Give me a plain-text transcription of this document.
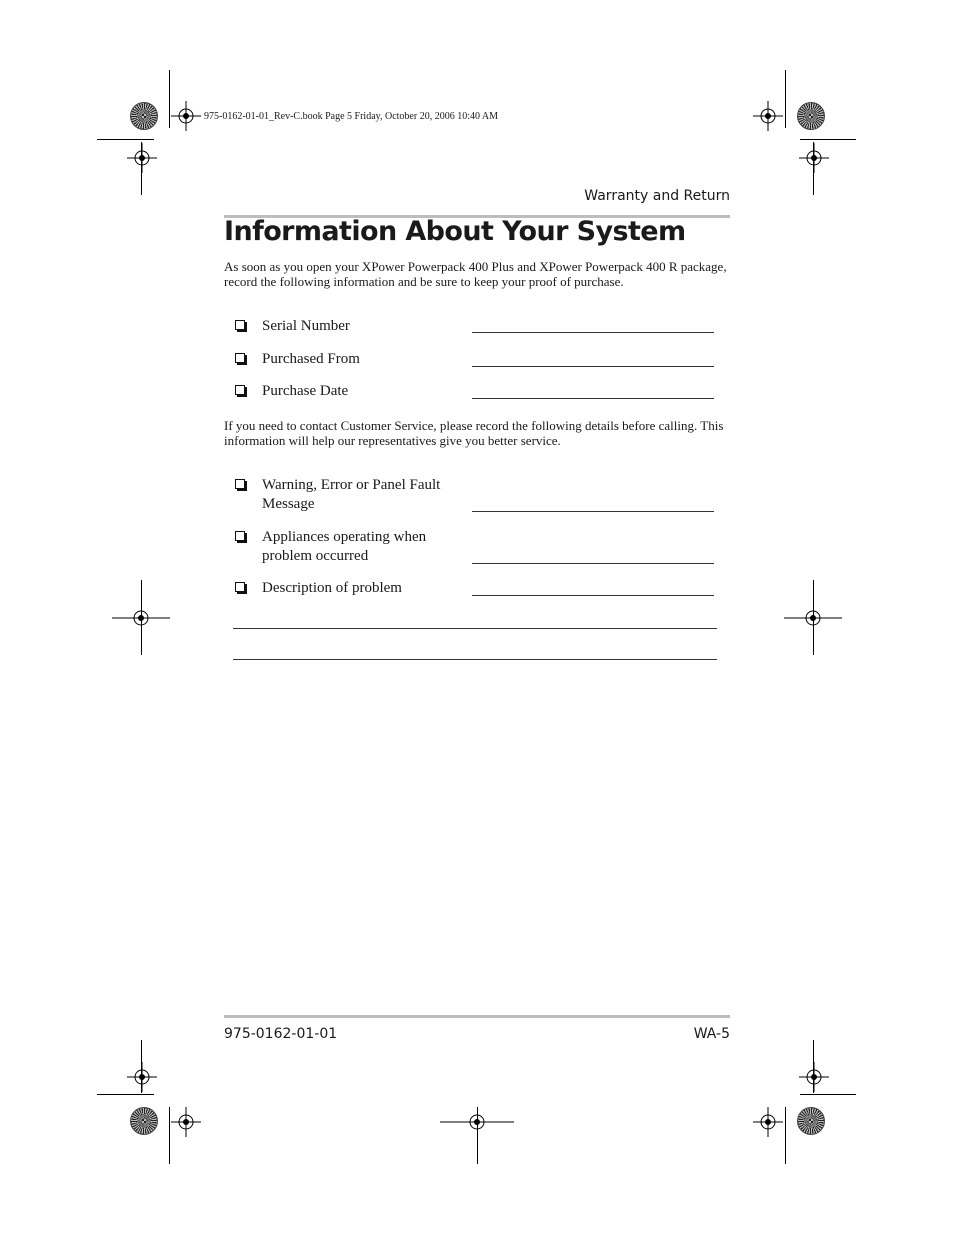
975-0162-01-01_Rev-C.book Page 5 Friday, October 20, 2006 10:40 AM
Warranty and Return
Information About Your System

As soon as you open your XPower Powerpack 400 Plus and XPower Powerpack 400 R package, record the following information and be sure to keep your proof of purchase.

Serial Number
Purchased From
Purchase Date

If you need to contact Customer Service, please record the following details before calling. This information will help our representatives give you better service.

Warning, Error or Panel Fault Message
Appliances operating when problem occurred
Description of problem
975-0162-01-01	WA-5
